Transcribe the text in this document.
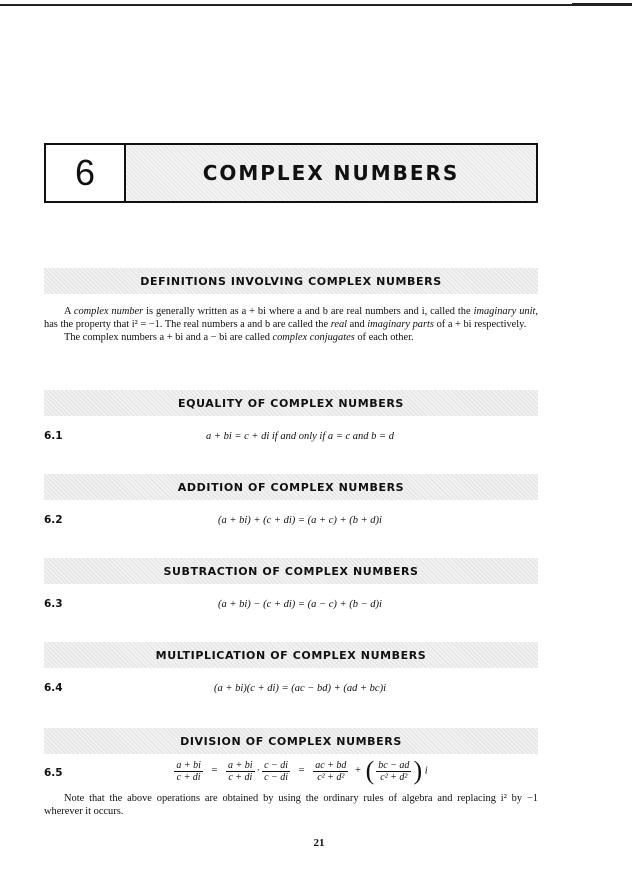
6	COMPLEX NUMBERS
DEFINITIONS INVOLVING COMPLEX NUMBERS

A complex number is generally written as a + bi where a and b are real numbers and i, called the imaginary unit, has the property that i² = −1. The real numbers a and b are called the real and imaginary parts of a + bi respectively.

The complex numbers a + bi and a − bi are called complex conjugates of each other.

EQUALITY OF COMPLEX NUMBERS
6.1	a + bi = c + di if and only if a = c and b = d
ADDITION OF COMPLEX NUMBERS
6.2	(a + bi) + (c + di) = (a + c) + (b + d)i
SUBTRACTION OF COMPLEX NUMBERS
6.3	(a + bi) − (c + di) = (a − c) + (b − d)i
MULTIPLICATION OF COMPLEX NUMBERS
6.4	(a + bi)(c + di) = (ac − bd) + (ad + bc)i
DIVISION OF COMPLEX NUMBERS
6.5	$\frac{a + bi}{c + di} = \frac{a + bi}{c + di} \cdot \frac{c - di}{c - di} = \frac{ac + bd}{\text{c² + d²}}$ + ( $\frac{bc - ad}{\text{c² + d²}}$ ) i

Note that the above operations are obtained by using the ordinary rules of algebra and replacing i² by −1 wherever it occurs.

21
